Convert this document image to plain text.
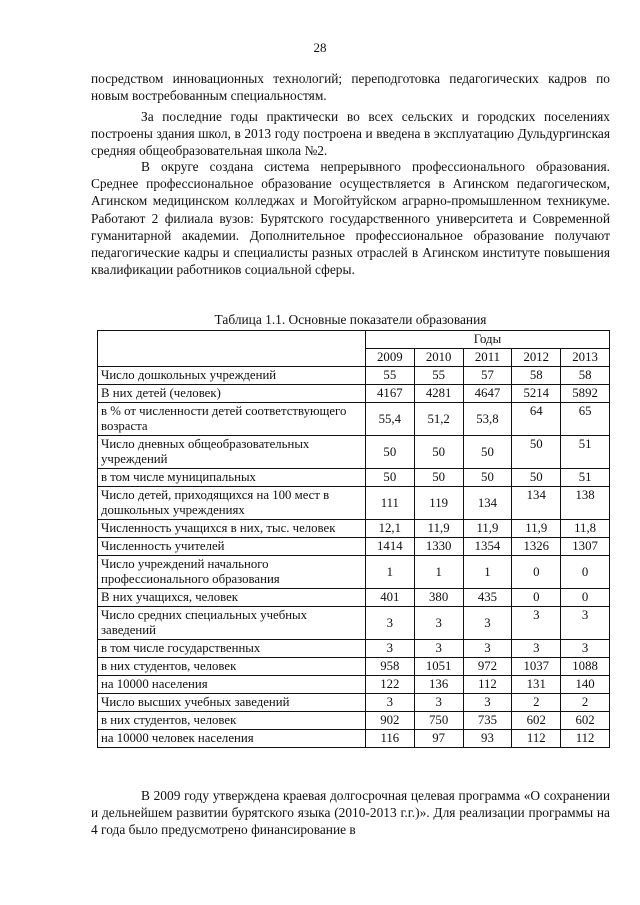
28

посредством инновационных технологий; переподготовка педагогических кадров по новым востребованным специальностям.

За последние годы практически во всех сельских и городских поселениях построены здания школ, в 2013 году построена и введена в эксплуатацию Дульдургинская средняя общеобразовательная школа №2.

В округе создана система непрерывного профессионального образования. Среднее профессиональное образование осуществляется в Агинском педагогическом, Агинском медицинском колледжах и Могойтуйском аграрно-промышленном техникуме. Работают 2 филиала вузов: Бурятского государственного университета и Современной гуманитарной академии. Дополнительное профессиональное образование получают педагогические кадры и специалисты разных отраслей в Агинском институте повышения квалификации работников социальной сферы.

Таблица 1.1. Основные показатели образования
	Годы				
	2009	2010	2011	2012	2013
Число дошкольных учреждений	55	55	57	58	58
В них детей (человек)	4167	4281	4647	5214	5892
в % от численности детей соответствующего возраста	55,4	51,2	53,8	64	65
Число дневных общеобразовательных учреждений	50	50	50	50	51
в том числе муниципальных	50	50	50	50	51
Число детей, приходящихся на 100 мест в дошкольных учреждениях	111	119	134	134	138
Численность учащихся в них, тыс. человек	12,1	11,9	11,9	11,9	11,8
Численность учителей	1414	1330	1354	1326	1307
Число учреждений начального профессионального образования	1	1	1	0	0
В них учащихся, человек	401	380	435	0	0
Число средних специальных учебных заведений	3	3	3	3	3
в том числе государственных	3	3	3	3	3
в них студентов, человек	958	1051	972	1037	1088
на 10000 населения	122	136	112	131	140
Число высших учебных заведений	3	3	3	2	2
в них студентов, человек	902	750	735	602	602
на 10000 человек населения	116	97	93	112	112

В 2009 году утверждена краевая долгосрочная целевая программа «О сохранении и дельнейшем развитии бурятского языка (2010-2013 г.г.)». Для реализации программы на 4 года было предусмотрено финансирование в
